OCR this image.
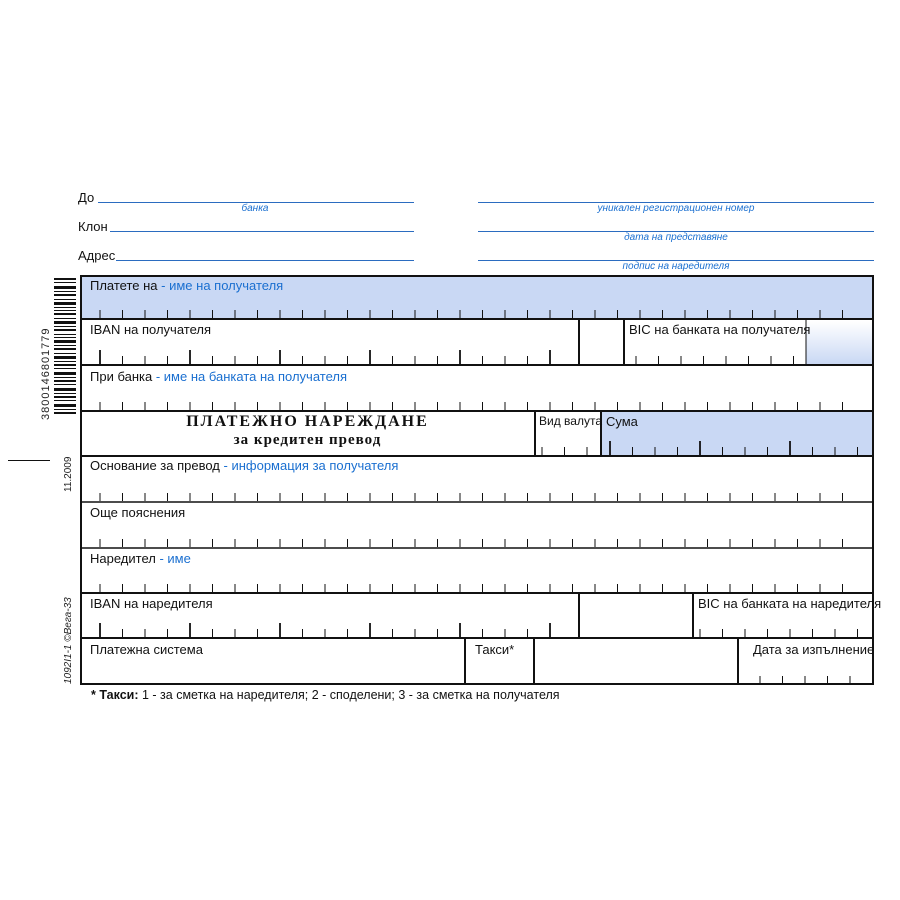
До
банка
Клон
Адрес
уникален регистрационен номер
дата на представяне
подпис на наредителя
3800146801779
11.2009
1092I1-1 ©Вега-33
Платете на - име на получателя
IBAN на получателя	BIC на банката на получателя
При банка - име на банката на получателя
ПЛАТЕЖНО НАРЕЖДАНЕ
за кредитен превод
Вид валута Сума
Основание за превод - информация за получателя
Още пояснения
Наредител - име
IBAN на наредителя	BIC на банката на наредителя
Платежна система	Такси*	Дата за изпълнение
* Такси: 1 - за сметка на наредителя; 2 - споделени; 3 - за сметка на получателя
